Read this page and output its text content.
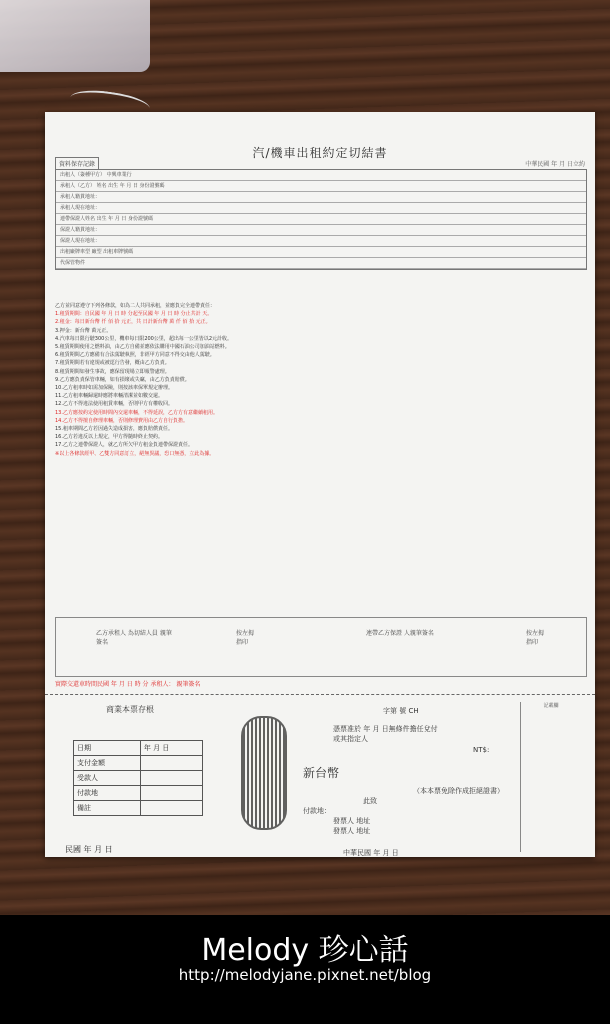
汽/機車出租約定切結書
中華民國 年 月 日立約
資料保存記錄
出租人（簽種甲方） 中興車業行
承租人（乙方） 姓名 出生 年 月 日 身份證號碼
承租人籍貫地址：
承租人現在地址：
連帶保證人姓名 出生 年 月 日 身份證號碼
保證人籍貫地址：
保證人現在地址：
出租廠牌車型 廠型 出租車牌號碼
代保管物件
乙方並同意遵守下列各條款，如為二人共同承租，並應負完全連帶責任：
1.租賃期間：自民國 年 月 日 時 分起至民國 年 月 日 時 分止共計 天。
2.租金：每日新台幣 仟 佰 拾 元正，共 日計新台幣 萬 仟 佰 拾 元正。
3.押金：新台幣 萬元正。
4.汽車每日限行駛300公里，機車每日限200公里，超出每一公里皆以2元計收。
5.租賃期間使用之燃料油，由乙方自備並應依法購用中國石油公司加油站燃料。
6.租賃期間乙方應備有合法駕駛執照，非經甲方同意不得交由他人駕駛。
7.租賃期間若有違規或被逕行告發，概由乙方負責。
8.租賃期間如發生事故，應保留現場立即報警處理。
9.乙方應負責保管車輛，如有損壞或失竊，由乙方負責賠償。
10.乙方租車時如需加保險，則按該車保單規定辦理。
11.乙方租車輛歸還時應將車輛清潔並如數交還。
12.乙方不得違法使用租賃車輛，否則甲方有權收回。
13.乙方應按約定使用時間內交還車輛，不得延誤，乙方方有意繼續租用。
14.乙方不得擅自修理車輛，否則修理費用由乙方自行負擔。
15.租車期間乙方若因過失造成損害，應負賠償責任。
16.乙方若違反以上規定，甲方得隨時終止契約。
17.乙方之連帶保證人，就乙方所欠甲方租金負連帶保證責任。
※以上各條款經甲、乙雙方同意訂立，絕無異議，恐口無憑，立此為據。
乙方承租人 為切結人員 親筆簽名
按左拇指印
連帶乙方保證 人親筆簽名	按左拇指印
實際交還車時間民國 年 月 日 時 分 承租人： 親筆簽名
商業本票存根
日期	年 月 日
支付金額	
受款人	
付款地	
備註	
民國 年 月 日
字第 號 CH
憑票准於 年 月 日無條件擔任兌付
或其指定人
NT$:
新台幣
（本本票免除作成拒絕證書）
此致
付款地：
發票人 地址
發票人 地址
中華民國 年 月 日
記載欄
Melody 珍心話
http://melodyjane.pixnet.net/blog
